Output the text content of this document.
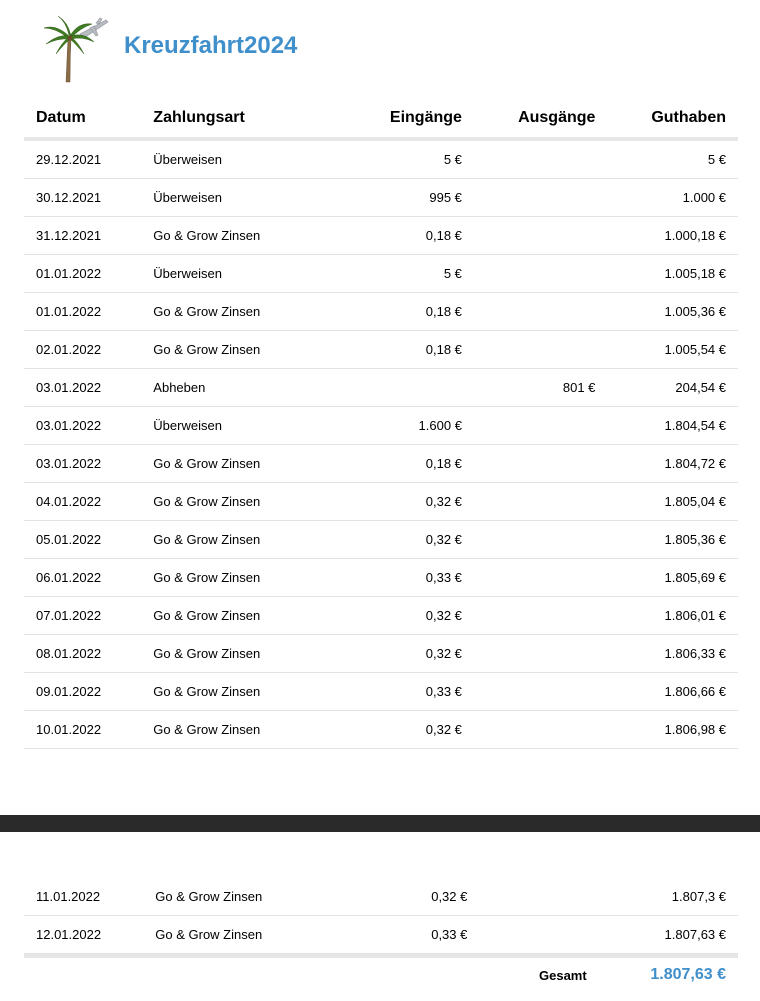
Kreuzfahrt2024
Datum	Zahlungsart	Eingänge	Ausgänge	Guthaben
29.12.2021	Überweisen	5 €		5 €
30.12.2021	Überweisen	995 €		1.000 €
31.12.2021	Go & Grow Zinsen	0,18 €		1.000,18 €
01.01.2022	Überweisen	5 €		1.005,18 €
01.01.2022	Go & Grow Zinsen	0,18 €		1.005,36 €
02.01.2022	Go & Grow Zinsen	0,18 €		1.005,54 €
03.01.2022	Abheben		801 €	204,54 €
03.01.2022	Überweisen	1.600 €		1.804,54 €
03.01.2022	Go & Grow Zinsen	0,18 €		1.804,72 €
04.01.2022	Go & Grow Zinsen	0,32 €		1.805,04 €
05.01.2022	Go & Grow Zinsen	0,32 €		1.805,36 €
06.01.2022	Go & Grow Zinsen	0,33 €		1.805,69 €
07.01.2022	Go & Grow Zinsen	0,32 €		1.806,01 €
08.01.2022	Go & Grow Zinsen	0,32 €		1.806,33 €
09.01.2022	Go & Grow Zinsen	0,33 €		1.806,66 €
10.01.2022	Go & Grow Zinsen	0,32 €		1.806,98 €
11.01.2022	Go & Grow Zinsen	0,32 €		1.807,3 €
12.01.2022	Go & Grow Zinsen	0,33 €		1.807,63 €
Gesamt	1.807,63 €
